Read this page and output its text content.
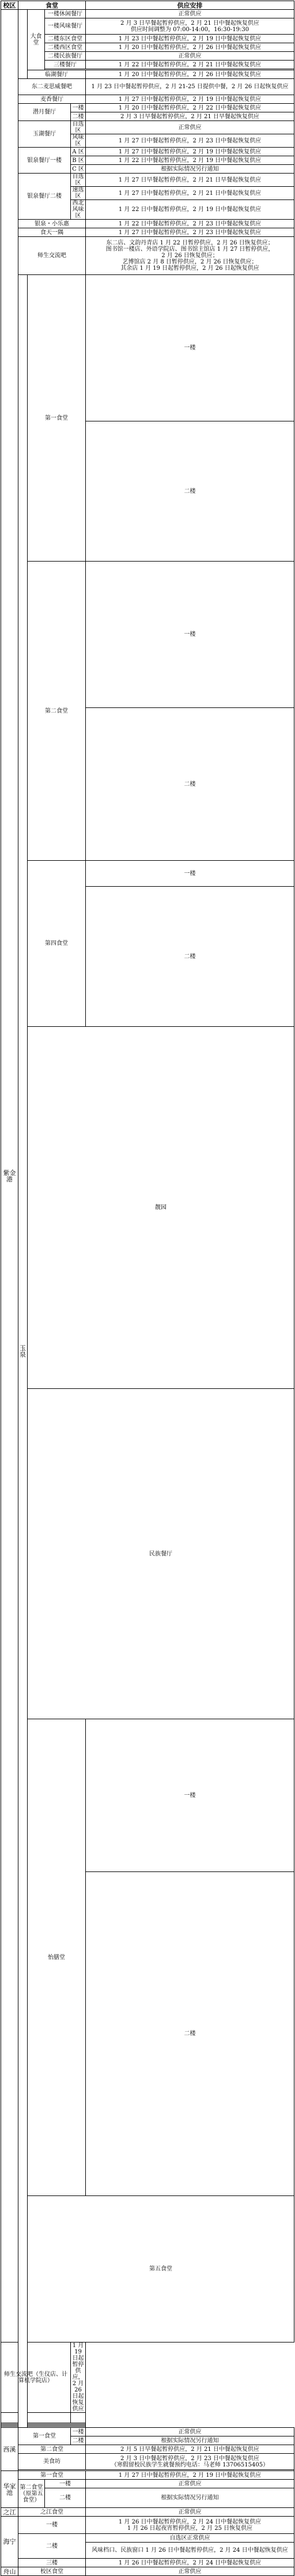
校区	食堂				供应安排	
紫金港		大食堂	一楼休闲餐厅		正常供应	
			一楼风味餐厅		2 月 3 日早餐起暂停供应，2 月 21 日中餐起恢复供应
供应时间调整为 07:00-14:00，16:30-19:30	
			二楼东区食堂		1 月 23 日中餐起暂停供应，2 月 19 日中餐起恢复供应	
			二楼西区食堂		1 月 20 日中餐起暂停供应，2 月 26 日中餐起恢复供应	
			二楼民族餐厅		正常供应	
			三楼餐厅		1 月 22 日中餐起暂停供应，2 月 21 日中餐起恢复供应	

		临湖餐厅			1 月 20 日中餐起暂停供应，2 月 26 日中餐起恢复供应	
	东二麦思威餐吧				1 月 23 日中餐起暂停供应，2 月 21-25 日提供中餐，2 月 26 日起恢复供应	
	麦香餐厅				1 月 27 日中餐起暂停供应，2 月 19 日中餐起恢复供应	
	潜月餐厅			一楼	1 月 20 日中餐起暂停供应，2 月 22 日中餐起恢复供应	
				二楼	2 月 3 日早餐起暂停供应，2 月 21 日早餐起恢复供应	
	玉湖餐厅			自选区	正常供应	
				风味区	1 月 27 日中餐起暂停供应，2 月 23 日中餐起恢复供应	
	银泉餐厅一楼			A 区	1 月 27 日中餐起暂停供应，2 月 19 日中餐起恢复供应	
				B 区	1 月 22 日中餐起暂停供应，2 月 19 日中餐起恢复供应	
				C 区	根据实际情况另行通知	
	银泉餐厅二楼			自选区	1 月 27 日早餐起暂停供应，2 月 21 日早餐起恢复供应	
				速选区	1 月 27 日中餐起暂停供应，2 月 21 日中餐起恢复供应	
				西北风味区	1 月 22 日中餐起暂停供应，2 月 19 日中餐起恢复供应	
	银泉・小乐惠				1 月 22 日中餐起暂停供应，2 月 23 日中餐起恢复供应	
	食天一隅				1 月 27 日中餐起暂停供应，2 月 23 日中餐起恢复供应	
	师生交流吧				东二店、文韵丹青店 1 月 22 日暂停供应，2 月 26 日恢复供应；
图书馆一楼店、外语学院店、图书馆主馆店 1 月 27 日暂停供应，
2 月 26 日恢复供应；
艺博馆店 2 月 8 日暂停供应，2 月 26 日恢复供应；
其余店 1 月 19 日起暂停供应，2 月 26 日起恢复供应	
	玉泉	第一食堂			一楼	
					二楼	
		第二食堂			一楼	
					二楼	
		第四食堂			一楼	
					二楼	
		靓园	
		民族餐厅	
		怡膳堂			一楼	
					二楼	
		第五食堂	
师生交流吧（生仪店、计算机学院店）				1 月 19 日起暂停供应，2 月 26 日起恢复供应		

西溪	第一食堂			一楼	正常供应	
				二楼	根据实际情况另行通知	
	第二食堂				2 月 5 日早餐起暂停供应，2 月 21 日中餐起恢复供应	
	美食坊				2 月 3 日中餐起暂停供应，2 月 23 日中餐起恢复供应
（寒假留校民族学生就餐预约电话：马老师 13706515405）	

华家池	第一食堂				1 月 27 日中餐起暂停供应，2 月 19 日中餐起恢复供应	
	第二食堂（原第五食堂）		一楼		正常供应	
			二楼		根据实际情况另行通知	
之江	之江食堂				正常供应	
海宁	一楼				1 月 26 日中餐起暂停供应，2 月 24 日中餐起恢复供应
1 月 26 日起夜宵暂停供应，2 月 25 日恢复供应	
	二楼				自选区正常供应	
					风味档口、民族窗口 1 月 26 日中餐起暂停供应，2 月 24 日中餐起恢复供应	
	三楼				1 月 26 日中餐起暂停供应，2 月 24 日中餐起恢复供应	
舟山	校区食堂				正常供应	
